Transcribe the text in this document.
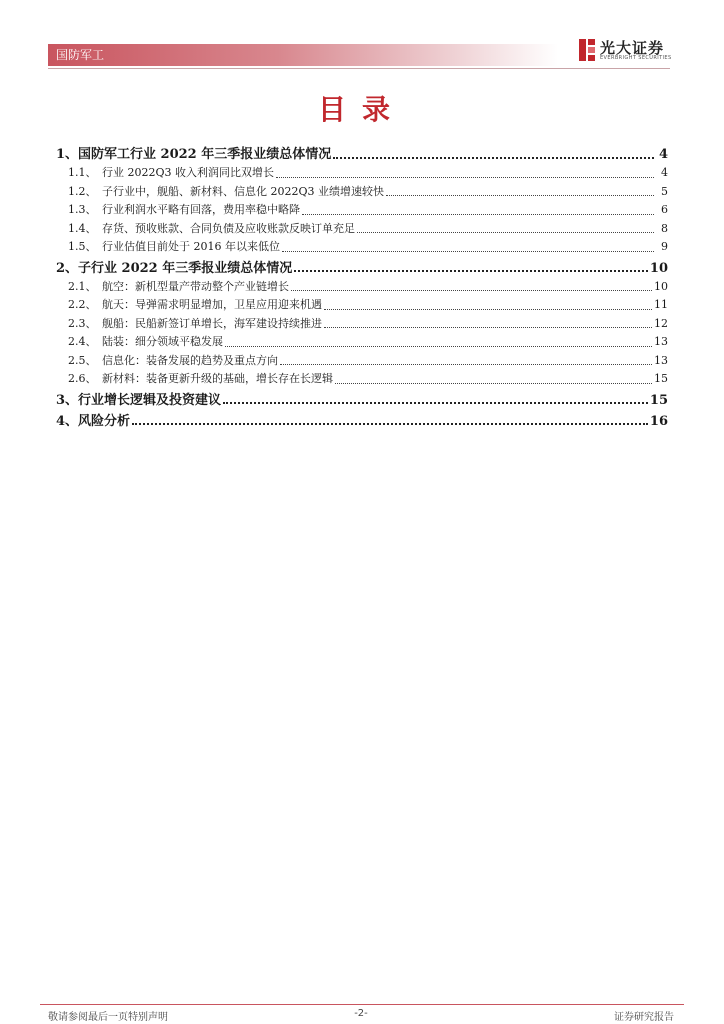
国防军工	光大证券
EVERBRIGHT SECURITIES
目录
1、 国防军工行业 2022 年三季报业绩总体情况	4
1.1、 行业 2022Q3 收入利润同比双增长	4
1.2、 子行业中，舰船、新材料、信息化 2022Q3 业绩增速较快	5
1.3、 行业利润水平略有回落，费用率稳中略降	6
1.4、 存货、预收账款、合同负债及应收账款反映订单充足	8
1.5、 行业估值目前处于 2016 年以来低位	9
2、 子行业 2022 年三季报业绩总体情况	10
2.1、 航空：新机型量产带动整个产业链增长	10
2.2、 航天：导弹需求明显增加，卫星应用迎来机遇	11
2.3、 舰船：民船新签订单增长，海军建设持续推进	12
2.4、 陆装：细分领域平稳发展	13
2.5、 信息化：装备发展的趋势及重点方向	13
2.6、 新材料：装备更新升级的基础，增长存在长逻辑	15
3、 行业增长逻辑及投资建议	15
4、 风险分析	16
敬请参阅最后一页特别声明	-2-	证券研究报告
